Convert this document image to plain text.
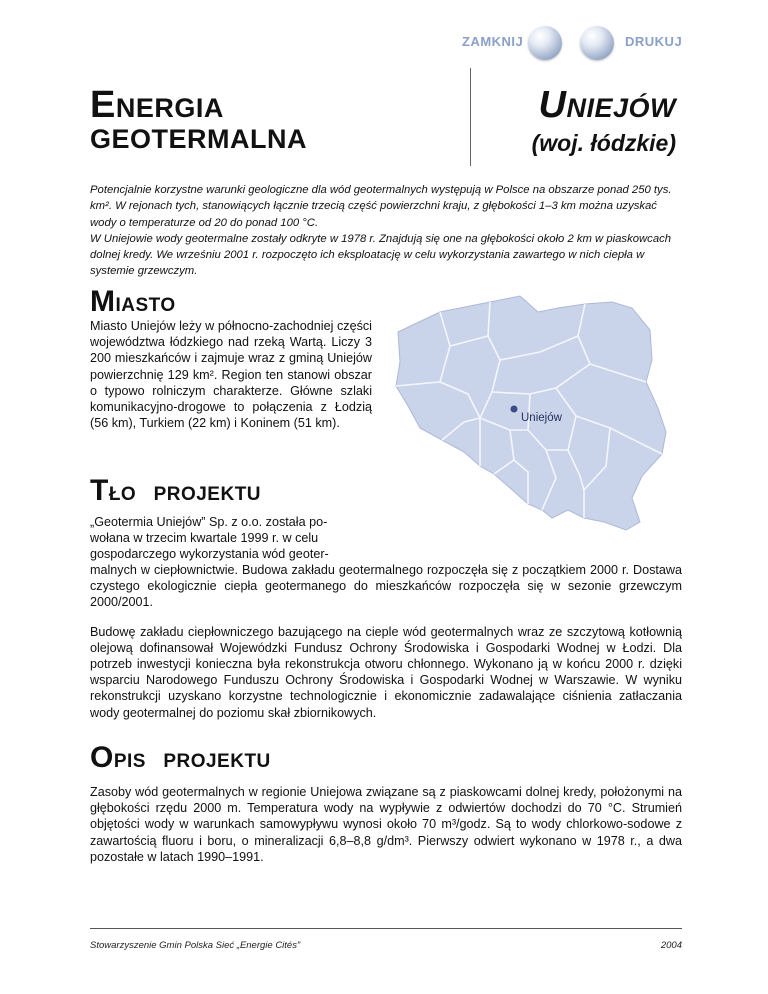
ZAMKNIJ	DRUKUJ
ENERGIA
GEOTERMALNA
UNIEJÓW
(woj. łódzkie)

Potencjalnie korzystne warunki geologiczne dla wód geotermalnych występują w Polsce na obszarze ponad 250 tys. km². W rejonach tych, stanowiących łącznie trzecią część powierzchni kraju, z głębokości 1–3 km można uzyskać wody o temperaturze od 20 do ponad 100 °C.

W Uniejowie wody geotermalne zostały odkryte w 1978 r. Znajdują się one na głębokości około 2 km w piaskowcach dolnej kredy. We wrześniu 2001 r. rozpoczęto ich eksploatację w celu wykorzystania zawartego w nich ciepła w systemie grzewczym.

MIASTO

Miasto Uniejów leży w północno-zachodniej części województwa łódzkiego nad rzeką Wartą. Liczy 3 200 mieszkańców i zajmuje wraz z gminą Uniejów powierzchnię 129 km². Region ten stanowi obszar o typowo rolniczym charakterze. Główne szlaki komunikacyjno-drogowe to połączenia z Łodzią (56 km), Turkiem (22 km) i Koninem (51 km).	Uniejów
TŁO PROJEKTU
„Geotermia Uniejów” Sp. z o.o. została po-
wołana w trzecim kwartale 1999 r. w celu
gospodarczego wykorzystania wód geoter-

malnych w ciepłownictwie. Budowa zakładu geotermalnego rozpoczęła się z początkiem 2000 r. Dostawa czystego ekologicznie ciepła geotermanego do mieszkańców rozpoczęła się w sezonie grzewczym 2000/2001.

Budowę zakładu ciepłowniczego bazującego na cieple wód geotermalnych wraz ze szczytową kotłownią olejową dofinansował Wojewódzki Fundusz Ochrony Środowiska i Gospodarki Wodnej w Łodzi. Dla potrzeb inwestycji konieczna była rekonstrukcja otworu chłonnego. Wykonano ją w końcu 2000 r. dzięki wsparciu Narodowego Funduszu Ochrony Środowiska i Gospodarki Wodnej w Warszawie. W wyniku rekonstrukcji uzyskano korzystne technologicznie i ekonomicznie zadawalające ciśnienia zatłaczania wody geotermalnej do poziomu skał zbiornikowych.

OPIS PROJEKTU

Zasoby wód geotermalnych w regionie Uniejowa związane są z piaskowcami dolnej kredy, położonymi na głębokości rzędu 2000 m. Temperatura wody na wypływie z odwiertów dochodzi do 70 °C. Strumień objętości wody w warunkach samowypływu wynosi około 70 m³/godz. Są to wody chlorkowo-sodowe z zawartością fluoru i boru, o mineralizacji 6,8–8,8 g/dm³. Pierwszy odwiert wykonano w 1978 r., a dwa pozostałe w latach 1990–1991.

Stowarzyszenie Gmin Polska Sieć „Energie Cités”	2004
